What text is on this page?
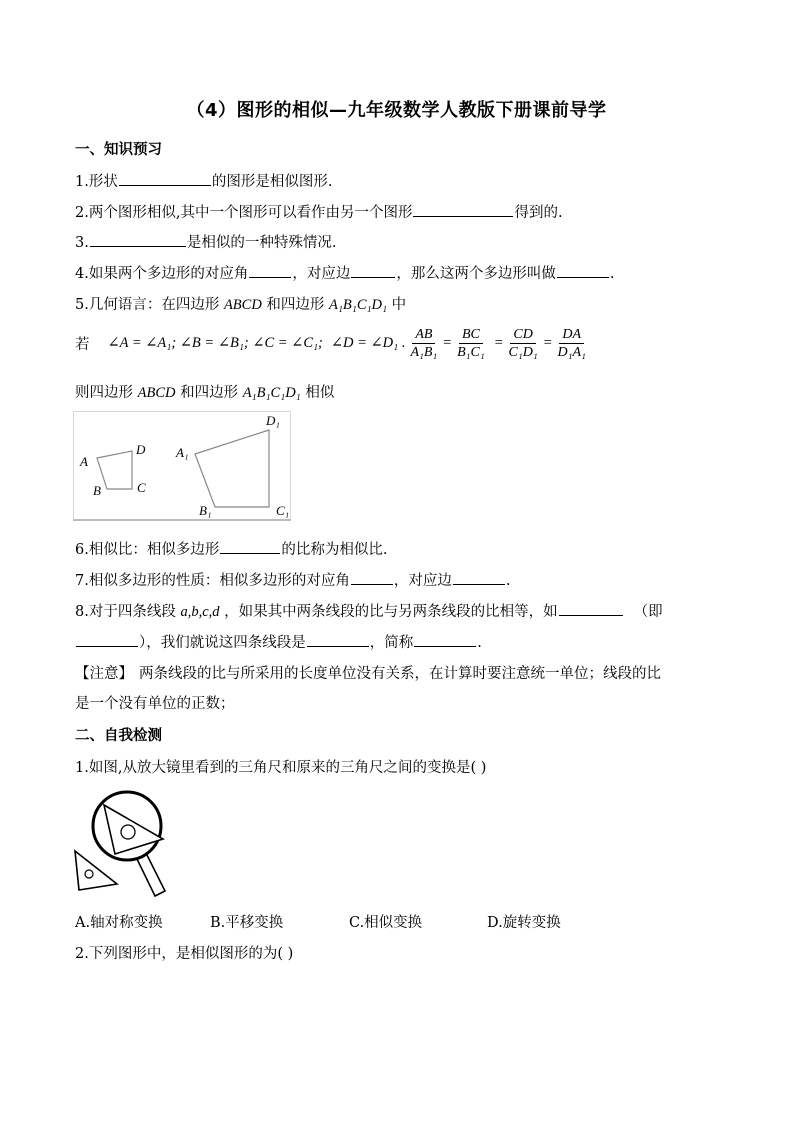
（4）图形的相似—九年级数学人教版下册课前导学
一、知识预习
1.形状	的图形是相似图形.
2.两个图形相似,其中一个图形可以看作由另一个图形	得到的.
3.	是相似的一种特殊情况.
4.如果两个多边形的对应角	，对应边	，那么这两个多边形叫做	.
5.几何语言：在四边形 ABCD 和四边形 A₁B₁C₁D₁ 中
若 ∠A = ∠A₁; ∠B = ∠B₁; ∠C = ∠C₁; ∠D = ∠D₁ . $\frac{AB}{\text{A₁B₁}} = \frac{BC}{\text{B₁C₁}} = \frac{CD}{\text{C₁D₁}} = \frac{DA}{\text{D₁A₁}}$
则四边形 ABCD 和四边形 A₁B₁C₁D₁ 相似
A
D
B	C
A₁
D₁
B₁	C₁
6.相似比：相似多边形	的比称为相似比.
7.相似多边形的性质：相似多边形的对应角	，对应边	.
8.对于四条线段 a,b,c,d ，如果其中两条线段的比与另两条线段的比相等，如	（即
），我们就说这四条线段是	，简称	.
【注意】 两条线段的比与所采用的长度单位没有关系，在计算时要注意统一单位；线段的比
是一个没有单位的正数；
二、自我检测
1.如图,从放大镜里看到的三角尺和原来的三角尺之间的变换是( )
A.轴对称变换	B.平移变换	C.相似变换	D.旋转变换
2.下列图形中，是相似图形的为( )
